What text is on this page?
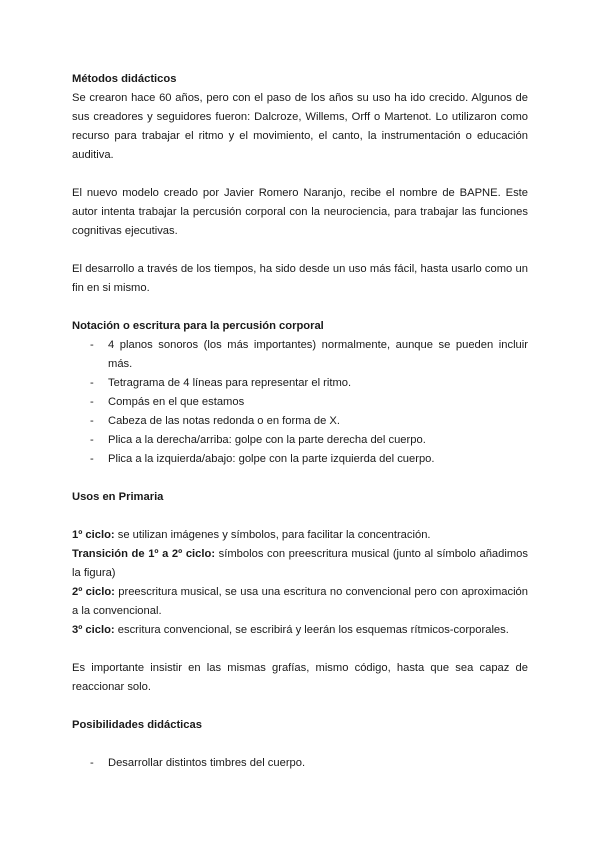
Métodos didácticos

Se crearon hace 60 años, pero con el paso de los años su uso ha ido crecido. Algunos de sus creadores y seguidores fueron: Dalcroze, Willems, Orff o Martenot. Lo utilizaron como recurso para trabajar el ritmo y el movimiento, el canto, la instrumentación o educación auditiva.

El nuevo modelo creado por Javier Romero Naranjo, recibe el nombre de BAPNE. Este autor intenta trabajar la percusión corporal con la neurociencia, para trabajar las funciones cognitivas ejecutivas.

El desarrollo a través de los tiempos, ha sido desde un uso más fácil, hasta usarlo como un fin en si mismo.

Notación o escritura para la percusión corporal

- 4 planos sonoros (los más importantes) normalmente, aunque se pueden incluir más.
- Tetragrama de 4 líneas para representar el ritmo.
- Compás en el que estamos
- Cabeza de las notas redonda o en forma de X.
- Plica a la derecha/arriba: golpe con la parte derecha del cuerpo.
- Plica a la izquierda/abajo: golpe con la parte izquierda del cuerpo.

Usos en Primaria

1º ciclo: se utilizan imágenes y símbolos, para facilitar la concentración.

Transición de 1º a 2º ciclo: símbolos con preescritura musical (junto al símbolo añadimos la figura)

2º ciclo: preescritura musical, se usa una escritura no convencional pero con aproximación a la convencional.

3º ciclo: escritura convencional, se escribirá y leerán los esquemas rítmicos-corporales.

Es importante insistir en las mismas grafías, mismo código, hasta que sea capaz de reaccionar solo.

Posibilidades didácticas

- Desarrollar distintos timbres del cuerpo.
